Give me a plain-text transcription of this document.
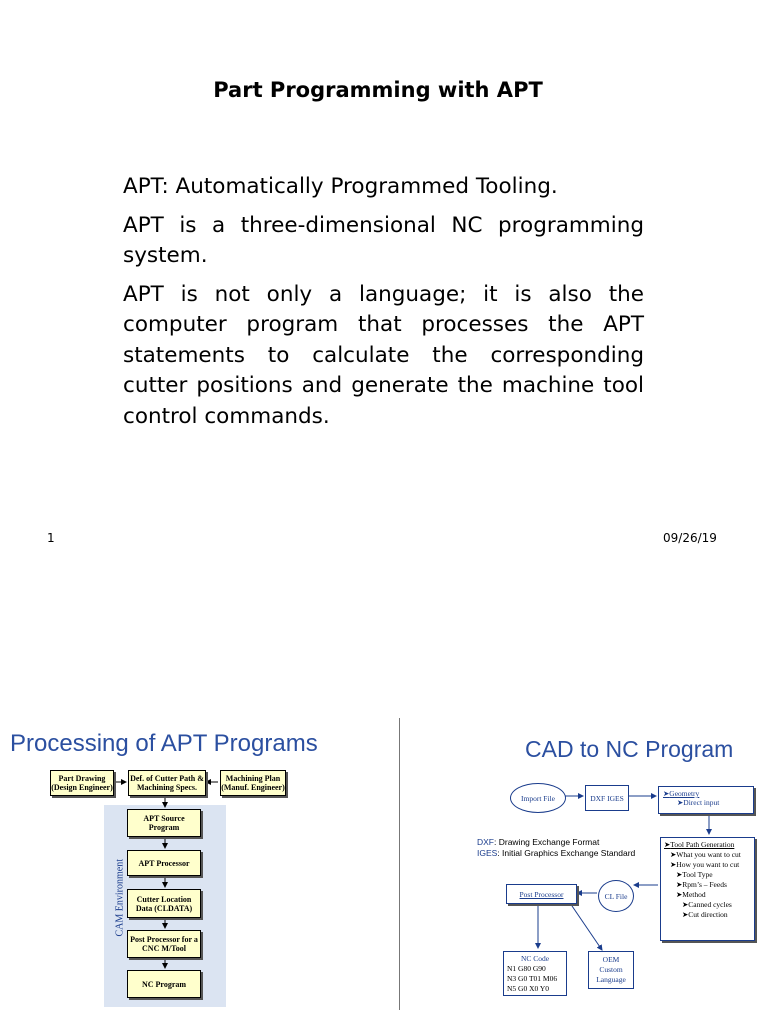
Part Programming with APT

APT: Automatically Programmed Tooling.

APT is a three-dimensional NC programming system.

APT is not only a language; it is also the computer program that processes the APT statements to calculate the corresponding cutter positions and generate the machine tool control commands.

1	09/26/19
Processing of APT Programs
CAM Environment
Part Drawing (Design Engineer)
Def. of Cutter Path & Machining Specs.
Machining Plan (Manuf. Engineer)
APT Source Program
APT Processor
Cutter Location Data (CLDATA)
Post Processor for a CNC M/Tool
NC Program
CAD to NC Program
Import File	DXF IGES	➤Geometry
➤Direct input
DXF: Drawing Exchange Format
IGES: Initial Graphics Exchange Standard
➤Tool Path Generation
➤What you want to cut
➤How you want to cut
➤Tool Type
➤Rpm’s – Feeds
➤Method
➤Canned cycles
➤Cut direction
CL File
Post Processor
NC Code
N1 G80 G90
N3 G0 T01 M06
N5 G0 X0 Y0
OEM Custom Language
